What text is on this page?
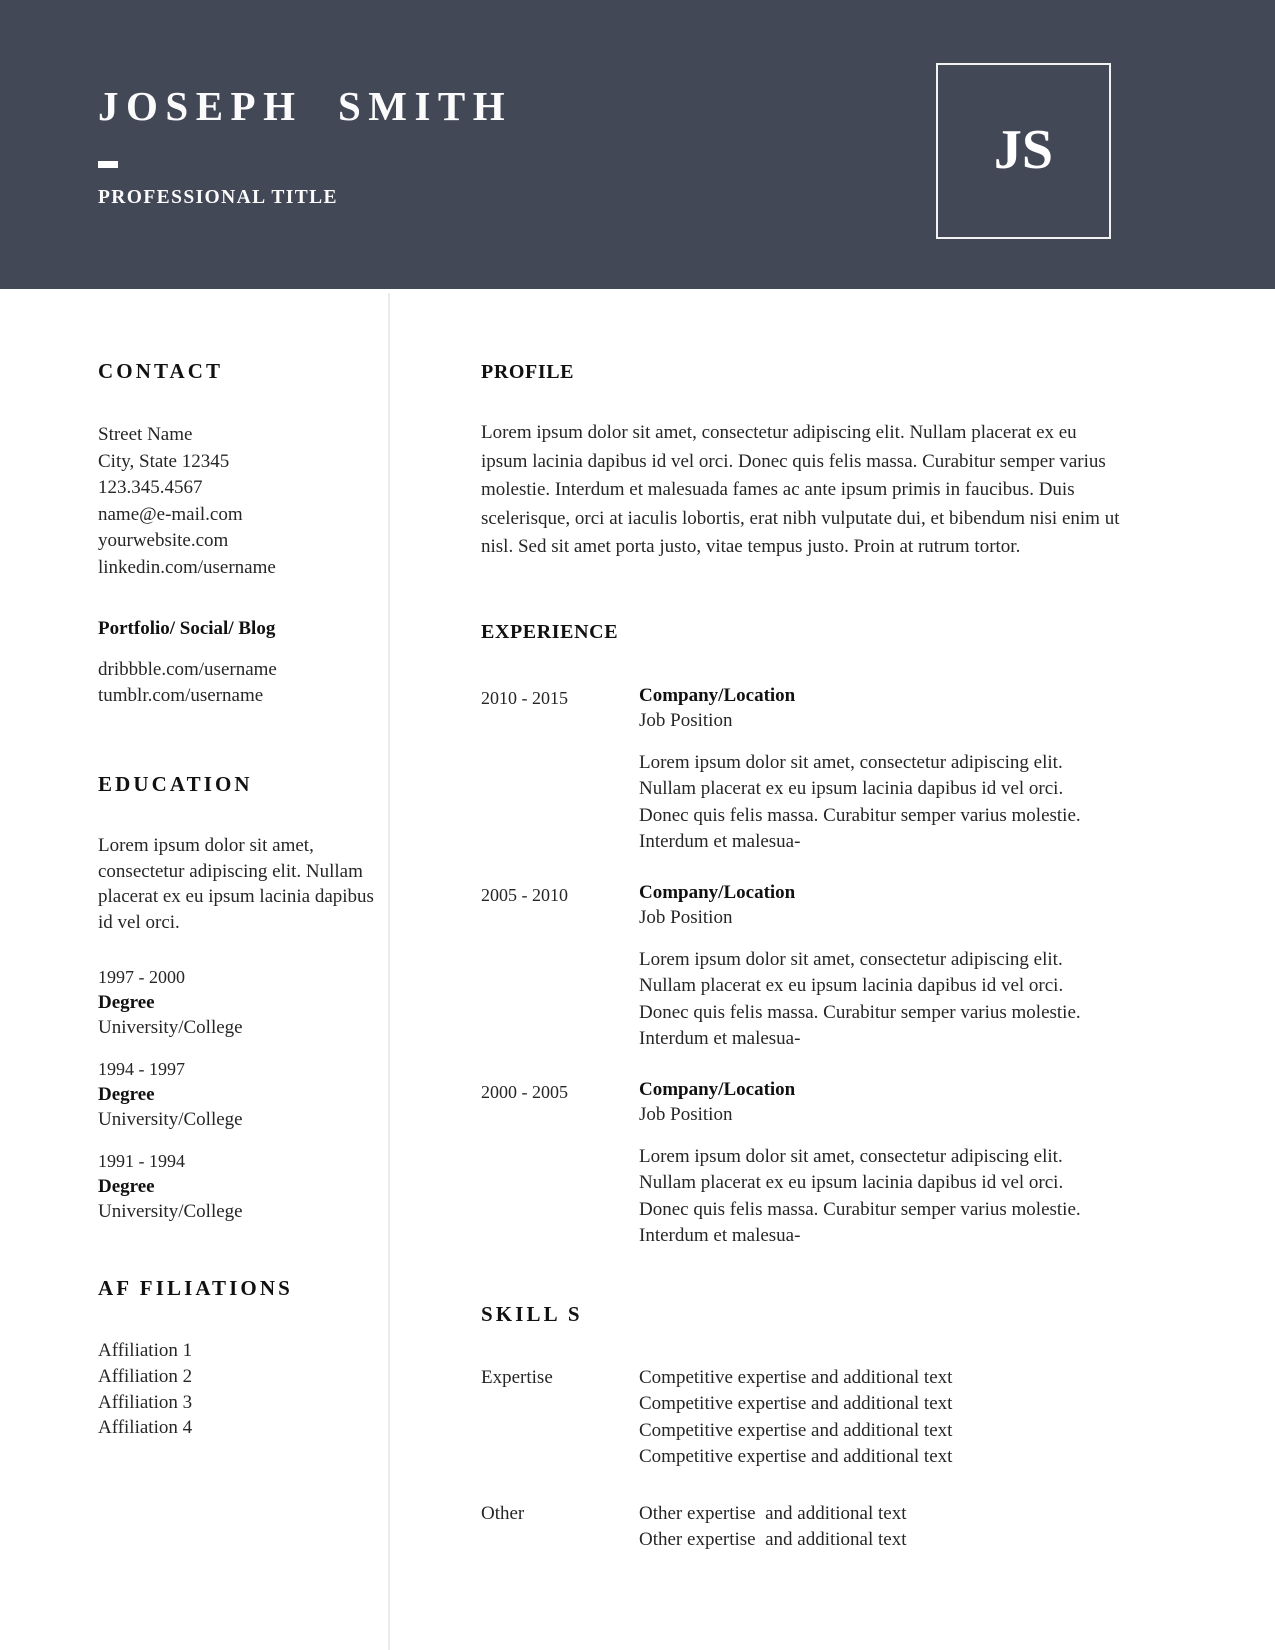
JOSEPH  SMITH
PROFESSIONAL TITLE
JS
CONTACT
Street Name
City, State 12345
123.345.4567
name@e-mail.com
yourwebsite.com
linkedin.com/username
Portfolio/ Social/ Blog
dribbble.com/username
tumblr.com/username
EDUCATION
Lorem ipsum dolor sit amet, consectetur adipiscing elit. Nullam placerat ex eu ipsum lacinia dapibus id vel orci.
1997 - 2000
Degree
University/College
1994 - 1997
Degree
University/College
1991 - 1994
Degree
University/College
AF FILIATIONS
Affiliation 1
Affiliation 2
Affiliation 3
Affiliation 4
PROFILE
Lorem ipsum dolor sit amet, consectetur adipiscing elit. Nullam placerat ex eu ipsum lacinia dapibus id vel orci. Donec quis felis massa. Curabitur semper varius molestie. Interdum et malesuada fames ac ante ipsum primis in faucibus. Duis scelerisque, orci at iaculis lobortis, erat nibh vulputate dui, et bibendum nisi enim ut nisl. Sed sit amet porta justo, vitae tempus justo. Proin at rutrum tortor.
EXPERIENCE
2010 - 2015	Company/Location
Job Position
Lorem ipsum dolor sit amet, consectetur adipiscing elit. Nullam placerat ex eu ipsum lacinia dapibus id vel orci. Donec quis felis massa. Curabitur semper varius molestie. Interdum et malesua-
2005 - 2010	Company/Location
Job Position
Lorem ipsum dolor sit amet, consectetur adipiscing elit. Nullam placerat ex eu ipsum lacinia dapibus id vel orci. Donec quis felis massa. Curabitur semper varius molestie. Interdum et malesua-
2000 - 2005	Company/Location
Job Position
Lorem ipsum dolor sit amet, consectetur adipiscing elit. Nullam placerat ex eu ipsum lacinia dapibus id vel orci. Donec quis felis massa. Curabitur semper varius molestie. Interdum et malesua-
SKILL S
Expertise	Competitive expertise and additional text
Competitive expertise and additional text
Competitive expertise and additional text
Competitive expertise and additional text
Other	Other expertise  and additional text
Other expertise  and additional text
